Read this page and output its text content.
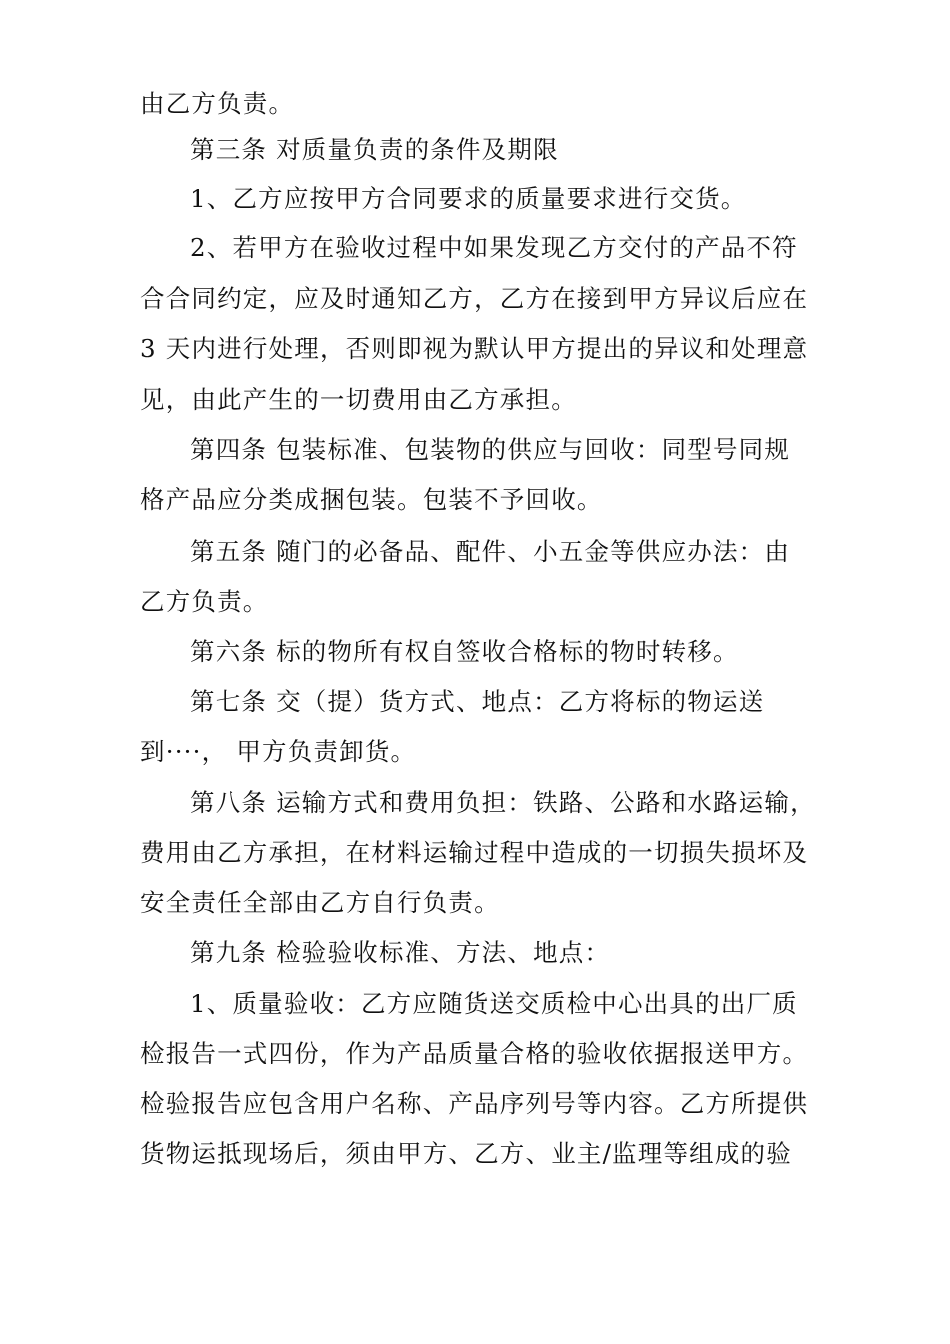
由乙方负责。
第三条 对质量负责的条件及期限
1、乙方应按甲方合同要求的质量要求进行交货。
2、若甲方在验收过程中如果发现乙方交付的产品不符
合合同约定，应及时通知乙方，乙方在接到甲方异议后应在
3 天内进行处理，否则即视为默认甲方提出的异议和处理意
见，由此产生的一切费用由乙方承担。
第四条 包装标准、包装物的供应与回收：同型号同规
格产品应分类成捆包装。包装不予回收。
第五条 随门的必备品、配件、小五金等供应办法：由
乙方负责。
第六条 标的物所有权自签收合格标的物时转移。
第七条 交（提）货方式、地点：乙方将标的物运送
到····， 甲方负责卸货。
第八条 运输方式和费用负担：铁路、公路和水路运输，
费用由乙方承担，在材料运输过程中造成的一切损失损坏及
安全责任全部由乙方自行负责。
第九条 检验验收标准、方法、地点：
1、质量验收：乙方应随货送交质检中心出具的出厂质
检报告一式四份，作为产品质量合格的验收依据报送甲方。
检验报告应包含用户名称、产品序列号等内容。乙方所提供
货物运抵现场后，须由甲方、乙方、业主/监理等组成的验
